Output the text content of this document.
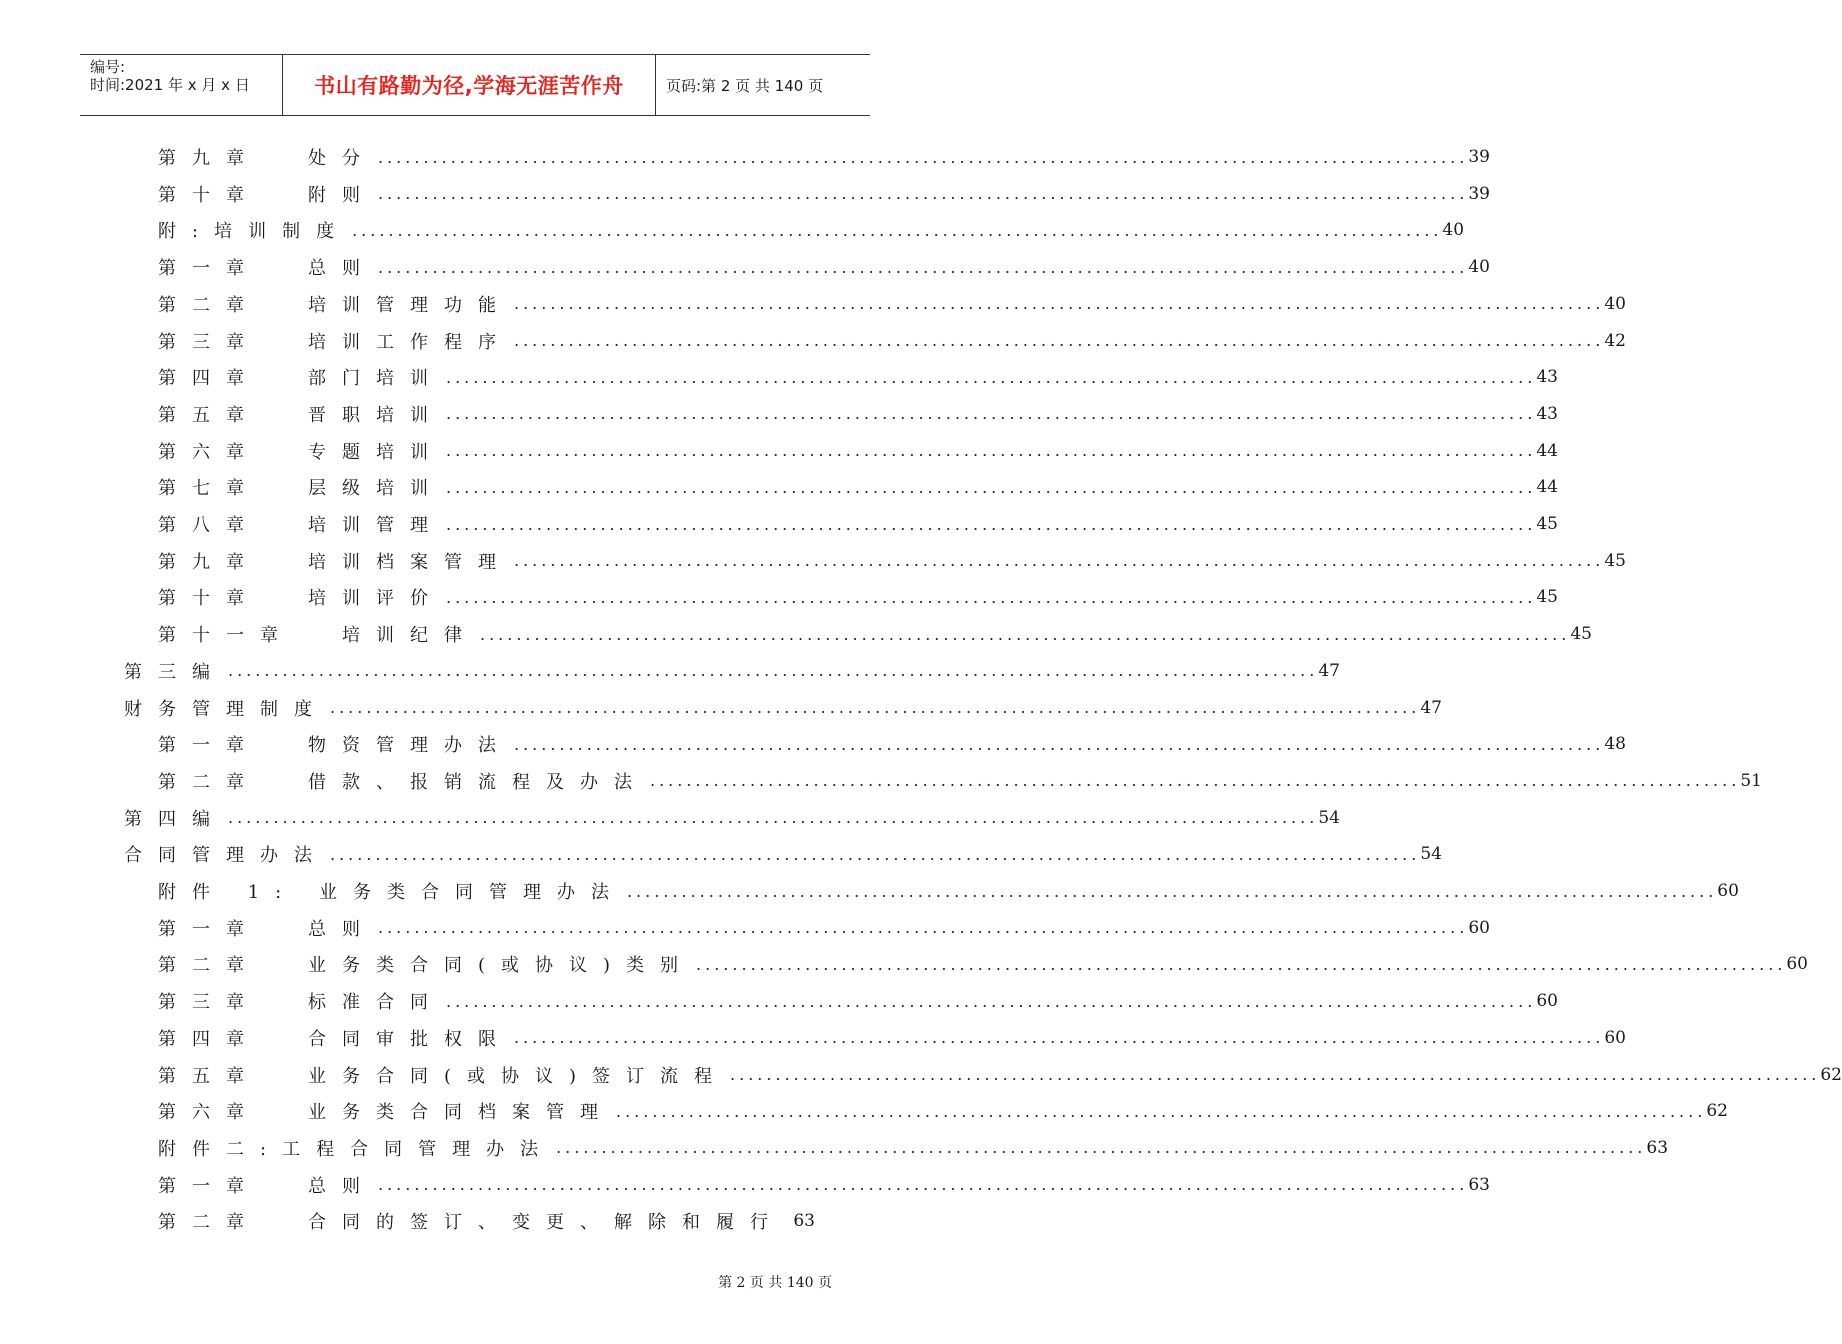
编号:
时间:2021 年 x 月 x 日	书山有路勤为径,学海无涯苦作舟	页码:第 2 页 共 140 页
第九章	处分 ........................................................................................................................ 39
第十章	附则 ........................................................................................................................ 39
附:培训制度 ........................................................................................................................ 40
第一章	总则 ........................................................................................................................ 40
第二章	培训管理功能 ........................................................................................................................ 40
第三章	培训工作程序 ........................................................................................................................ 42
第四章	部门培训 ........................................................................................................................ 43
第五章	晋职培训 ........................................................................................................................ 43
第六章	专题培训 ........................................................................................................................ 44
第七章	层级培训 ........................................................................................................................ 44
第八章	培训管理 ........................................................................................................................ 45
第九章	培训档案管理 ........................................................................................................................ 45
第十章	培训评价 ........................................................................................................................ 45
第十一章	培训纪律 ........................................................................................................................ 45
第三编 ........................................................................................................................ 47
财务管理制度 ........................................................................................................................ 47
第一章	物资管理办法 ........................................................................................................................ 48
第二章	借款、报销流程及办法 ........................................................................................................................ 51
第四编 ........................................................................................................................ 54
合同管理办法 ........................................................................................................................ 54
附件 1: 业务类合同管理办法 ........................................................................................................................ 60
第一章	总则 ........................................................................................................................ 60
第二章	业务类合同(或协议)类别 ........................................................................................................................ 60
第三章	标准合同 ........................................................................................................................ 60
第四章	合同审批权限 ........................................................................................................................ 60
第五章	业务合同(或协议)签订流程 ........................................................................................................................ 62
第六章	业务类合同档案管理 ........................................................................................................................ 62
附件二:工程合同管理办法 ........................................................................................................................ 63
第一章	总则 ........................................................................................................................ 63
第二章	合同的签订、变更、解除和履行 63
第 2 页 共 140 页
